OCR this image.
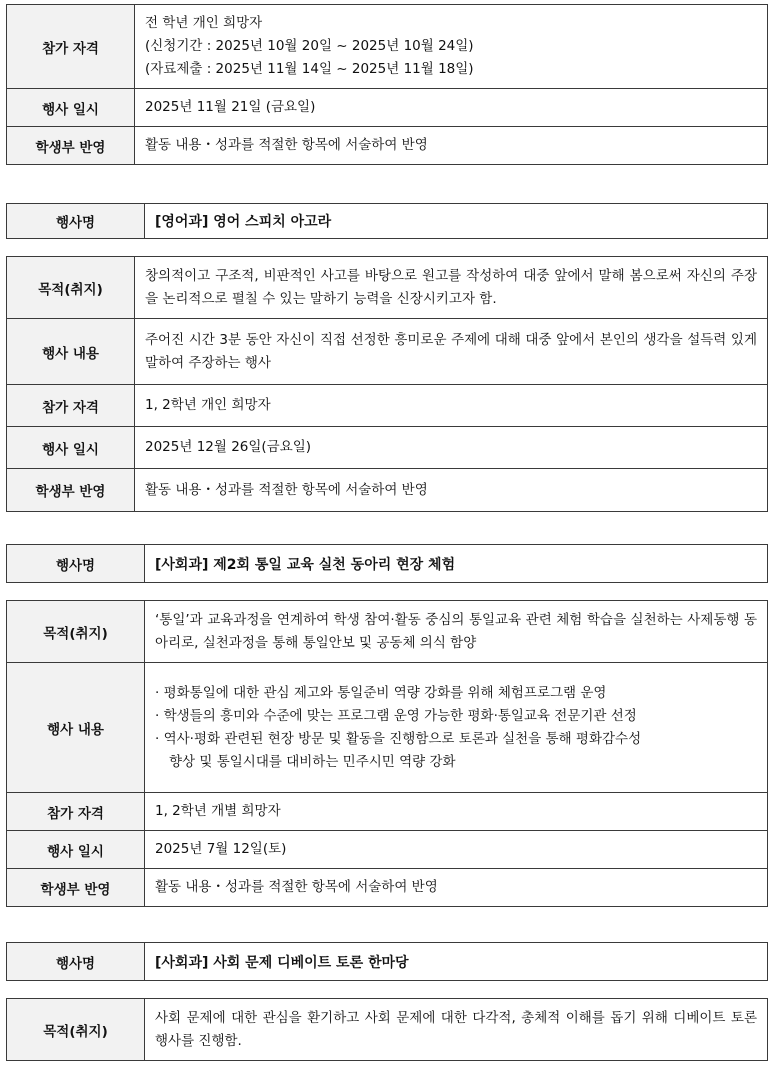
참가 자격	전 학년 개인 희망자
(신청기간 : 2025년 10월 20일 ~ 2025년 10월 24일)
(자료제출 : 2025년 11월 14일 ~ 2025년 11월 18일)

행사 일시	2025년 11월 21일 (금요일)
학생부 반영	활동 내용・성과를 적절한 항목에 서술하여 반영
행사명	[영어과] 영어 스피치 아고라
목적(취지)	창의적이고 구조적, 비판적인 사고를 바탕으로 원고를 작성하여 대중 앞에서 말해 봄으로써 자신의 주장을 논리적으로 펼칠 수 있는 말하기 능력을 신장시키고자 함.
행사 내용	주어진 시간 3분 동안 자신이 직접 선정한 흥미로운 주제에 대해 대중 앞에서 본인의 생각을 설득력 있게 말하여 주장하는 행사
참가 자격	1, 2학년 개인 희망자
행사 일시	2025년 12월 26일(금요일)
학생부 반영	활동 내용・성과를 적절한 항목에 서술하여 반영
행사명	[사회과] 제2회 통일 교육 실천 동아리 현장 체험
목적(취지)	‘통일’과 교육과정을 연계하여 학생 참여·활동 중심의 통일교육 관련 체험 학습을 실천하는 사제동행 동아리로, 실천과정을 통해 통일안보 및 공동체 의식 함양
행사 내용	· 평화통일에 대한 관심 제고와 통일준비 역량 강화를 위해 체험프로그램 운영
· 학생들의 흥미와 수준에 맞는 프로그램 운영 가능한 평화·통일교육 전문기관 선정
· 역사·평화 관련된 현장 방문 및 활동을 진행함으로 토론과 실천을 통해 평화감수성
향상 및 통일시대를 대비하는 민주시민 역량 강화

참가 자격	1, 2학년 개별 희망자
행사 일시	2025년 7월 12일(토)
학생부 반영	활동 내용・성과를 적절한 항목에 서술하여 반영
행사명	[사회과] 사회 문제 디베이트 토론 한마당
목적(취지)	사회 문제에 대한 관심을 환기하고 사회 문제에 대한 다각적, 총체적 이해를 돕기 위해 디베이트 토론 행사를 진행함.
